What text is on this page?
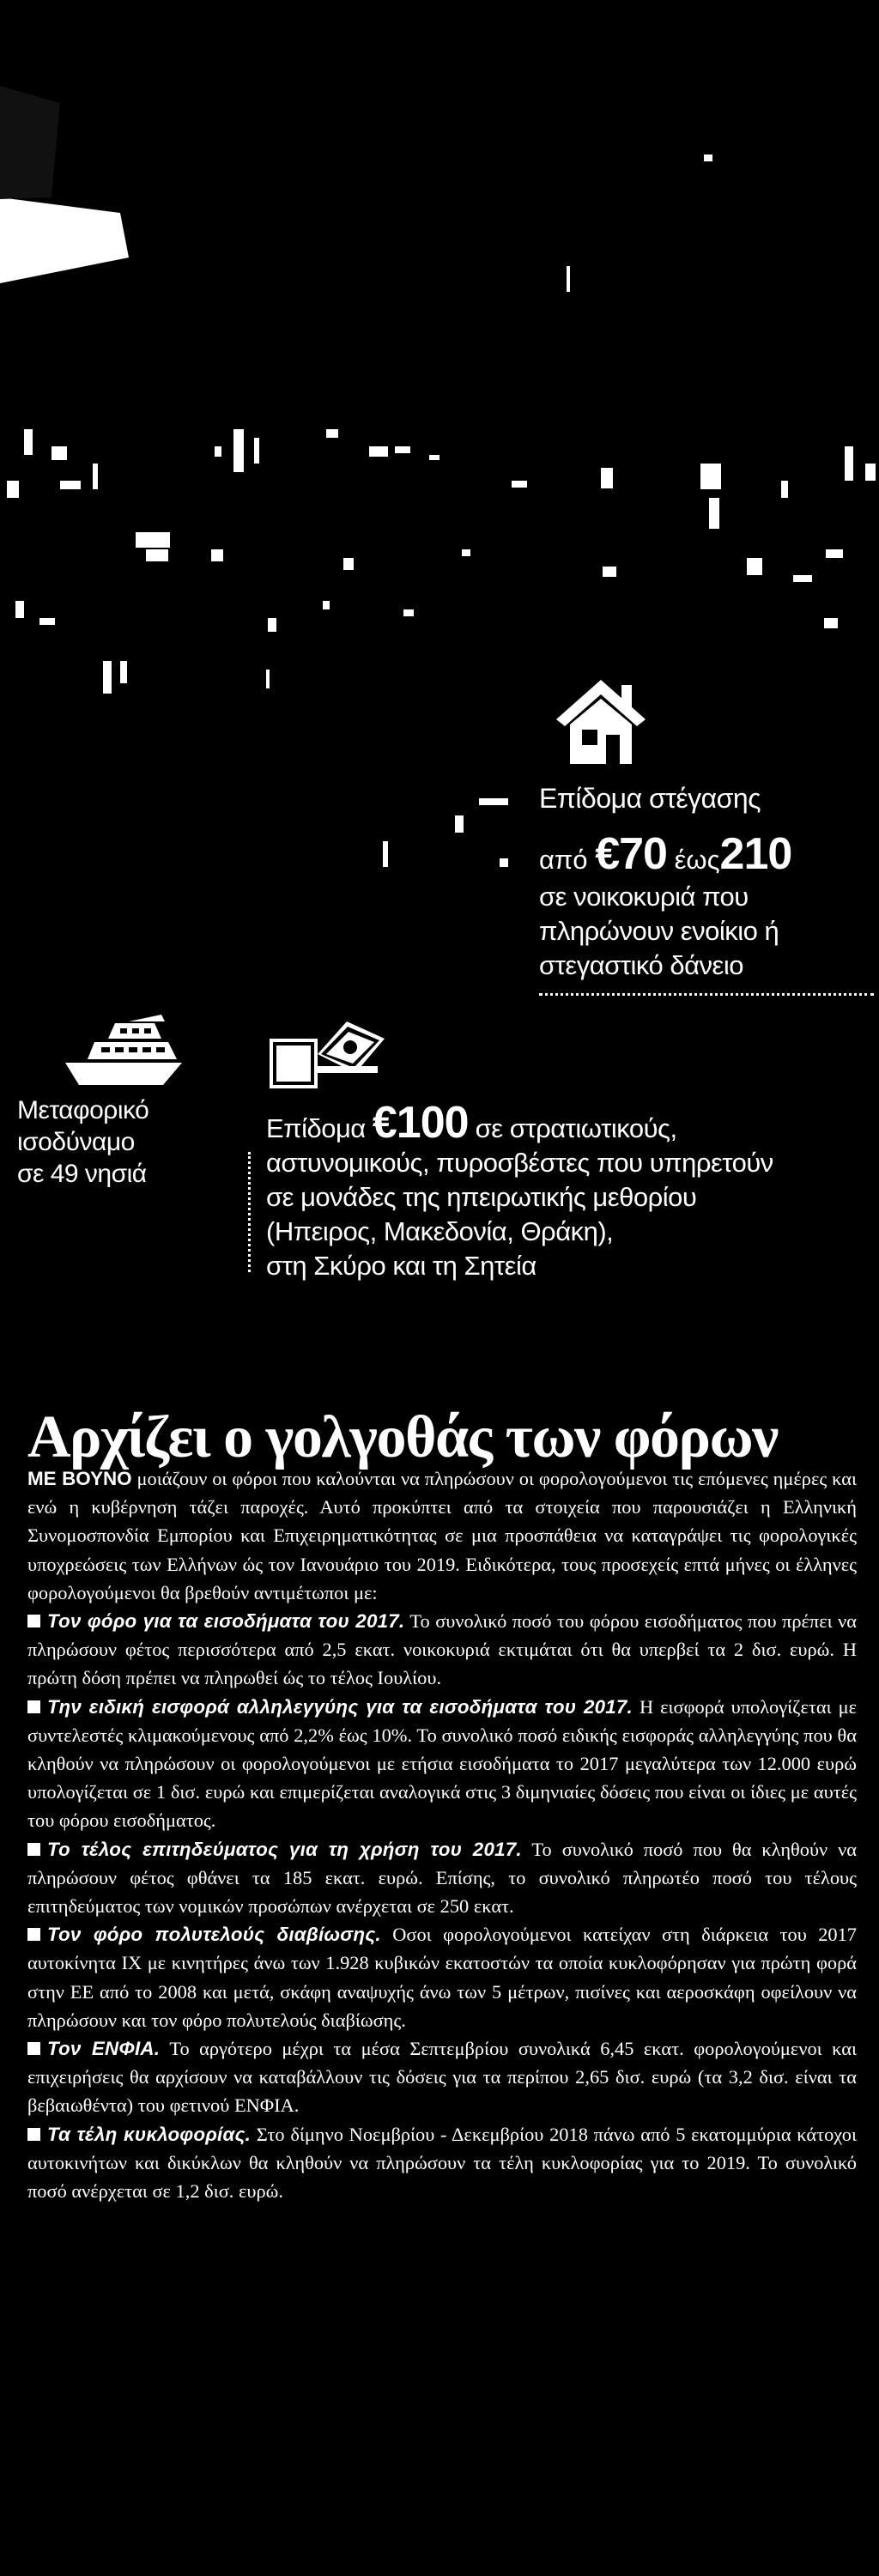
Επίδομα στέγασης
από €70 έως210
σε νοικοκυριά που
πληρώνουν ενοίκιο ή
στεγαστικό δάνειο
Μεταφορικό
ισοδύναμο
σε 49 νησιά
Επίδομα €100 σε στρατιωτικούς,
αστυνομικούς, πυροσβέστες που υπηρετούν
σε μονάδες της ηπειρωτικής μεθορίου
(Ηπειρος, Μακεδονία, Θράκη),
στη Σκύρο και τη Σητεία
Αρχίζει ο γολγοθάς των φόρων

ΜΕ ΒΟΥΝΟ μοιάζουν οι φόροι που καλούνται να πληρώσουν οι φορολογούμενοι τις επόμενες ημέρες και ενώ η κυβέρνηση τάζει παροχές. Αυτό προκύπτει από τα στοιχεία που παρουσιάζει η Ελληνική Συνομοσπονδία Εμπορίου και Επιχειρηματικότητας σε μια προσπάθεια να καταγράψει τις φορολογικές υποχρεώσεις των Ελλήνων ώς τον Ιανουάριο του 2019. Ειδικότερα, τους προσεχείς επτά μήνες οι έλληνες φορολογούμενοι θα βρεθούν αντιμέτωποι με:

Τον φόρο για τα εισοδήματα του 2017. Το συνολικό ποσό του φόρου εισοδήματος που πρέπει να πληρώσουν φέτος περισσότερα από 2,5 εκατ. νοικοκυριά εκτιμάται ότι θα υπερβεί τα 2 δισ. ευρώ. Η πρώτη δόση πρέπει να πληρωθεί ώς το τέλος Ιουλίου.

Την ειδική εισφορά αλληλεγγύης για τα εισοδήματα του 2017. Η εισφορά υπολογίζεται με συντελεστές κλιμακούμενους από 2,2% έως 10%. Το συνολικό ποσό ειδικής εισφοράς αλληλεγγύης που θα κληθούν να πληρώσουν οι φορολογούμενοι με ετήσια εισοδήματα το 2017 μεγαλύτερα των 12.000 ευρώ υπολογίζεται σε 1 δισ. ευρώ και επιμερίζεται αναλογικά στις 3 διμηνιαίες δόσεις που είναι οι ίδιες με αυτές του φόρου εισοδήματος.

Το τέλος επιτηδεύματος για τη χρήση του 2017. Το συνολικό ποσό που θα κληθούν να πληρώσουν φέτος φθάνει τα 185 εκατ. ευρώ. Επίσης, το συνολικό πληρωτέο ποσό του τέλους επιτηδεύματος των νομικών προσώπων ανέρχεται σε 250 εκατ.

Τον φόρο πολυτελούς διαβίωσης. Οσοι φορολογούμενοι κατείχαν στη διάρκεια του 2017 αυτοκίνητα ΙΧ με κινητήρες άνω των 1.928 κυβικών εκατοστών τα οποία κυκλοφόρησαν για πρώτη φορά στην ΕΕ από το 2008 και μετά, σκάφη αναψυχής άνω των 5 μέτρων, πισίνες και αεροσκάφη οφείλουν να πληρώσουν και τον φόρο πολυτελούς διαβίωσης.

Τον ΕΝΦΙΑ. Το αργότερο μέχρι τα μέσα Σεπτεμβρίου συνολικά 6,45 εκατ. φορολογούμενοι και επιχειρήσεις θα αρχίσουν να καταβάλλουν τις δόσεις για τα περίπου 2,65 δισ. ευρώ (τα 3,2 δισ. είναι τα βεβαιωθέντα) του φετινού ΕΝΦΙΑ.

Τα τέλη κυκλοφορίας. Στο δίμηνο Νοεμβρίου - Δεκεμβρίου 2018 πάνω από 5 εκατομμύρια κάτοχοι αυτοκινήτων και δικύκλων θα κληθούν να πληρώσουν τα τέλη κυκλοφορίας για το 2019. Το συνολικό ποσό ανέρχεται σε 1,2 δισ. ευρώ.
